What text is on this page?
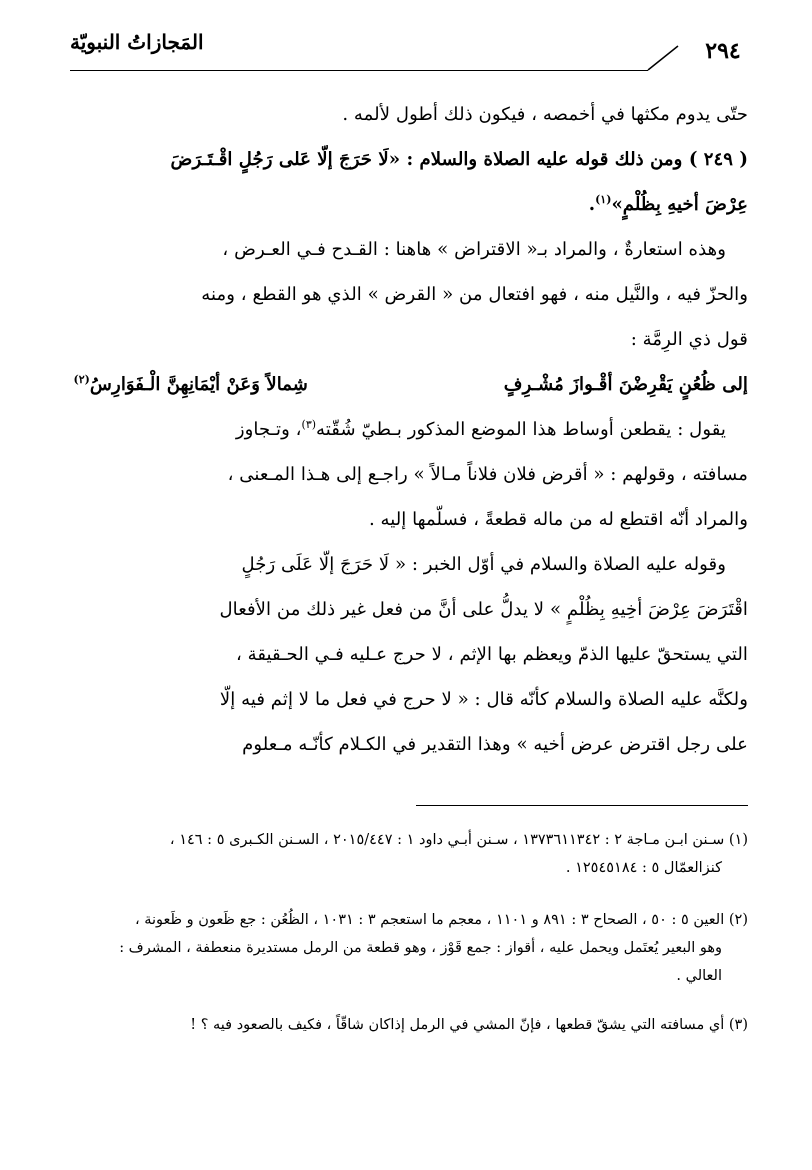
المَجازاتُ النبويّة	٢٩٤
حتّى يدوم مكثها في أخمصه ، فيكون ذلك أطول لألمه .
( ٢٤٩ ) ومن ذلك قوله عليه الصلاة والسلام : «لَا حَرَجَ إلّا عَلى رَجُلٍ اقْـتَـرَضَ
عِرْضَ أخيهِ بِظُلْمٍ»$^{(١)}$.
وهذه استعارةٌ ، والمراد بـ« الاقتراض » هاهنا : القـدح فـي العـرض ،
والحزّ فيه ، والنَّيل منه ، فهو افتعال من « القرض » الذي هو القطع ، ومنه
قول ذي الرِمَّة :
إلى ظُعُنٍ يَقْرِضْنَ أقْـوازَ مُشْـرِفٍ
شِمالاً وَعَنْ أيْمَانِهِنَّ الْـفَوَارِسُ$^{(٢)}$
يقول : يقطعن أوساط هذا الموضع المذكور بـطيّ شُقّته$^{(٣)}$، وتـجاوز
مسافته ، وقولهم : « أقرض فلان فلاناً مـالاً » راجـع إلى هـذا المـعنى ،
والمراد أنّه اقتطع له من ماله قطعةً ، فسلّمها إليه .
وقوله عليه الصلاة والسلام في أوّل الخبر : « لَا حَرَجَ إلّا عَلَى رَجُلٍ
اقْتَرَضَ عِرْضَ أخِيهِ بِظُلْمٍ » لا يدلُّ على أنَّ من فعل غير ذلك من الأفعال
التي يستحقّ عليها الذمّ ويعظم بها الإثم ، لا حرج عـليه فـي الحـقيقة ،
ولكنَّه عليه الصلاة والسلام كأنّه قال : « لا حرج في فعل ما لا إثم فيه إلّا
على رجل اقترض عرض أخيه » وهذا التقدير في الكـلام كأنّـه مـعلوم
(١) سـنن ابـن مـاجة ٢ : ١٣٧٣٦١١٣٤٢ ، سـنن أبـي داود ١ : ٢٠١٥/٤٤٧ ، السـنن الكـبرى ٥ : ١٤٦ ،
كنزالعمّال ٥ : ١٢٥٤٥١٨٤ .
(٢) العين ٥ : ٥٠ ، الصحاح ٣ : ٨٩١ و ١١٠١ ، معجم ما استعجم ٣ : ١٠٣١ ، الظُعُن : جع ظَعون و ظَعونة ،
وهو البعير يُعتَمل ويحمل عليه ، أقواز : جمع قَوْز ، وهو قطعة من الرمل مستديرة منعطفة ، المشرف :
العالي .
(٣) أي مسافته التي يشقّ قطعها ، فإنّ المشي في الرمل إذاكان شاقّاً ، فكيف بالصعود فيه ؟ !
